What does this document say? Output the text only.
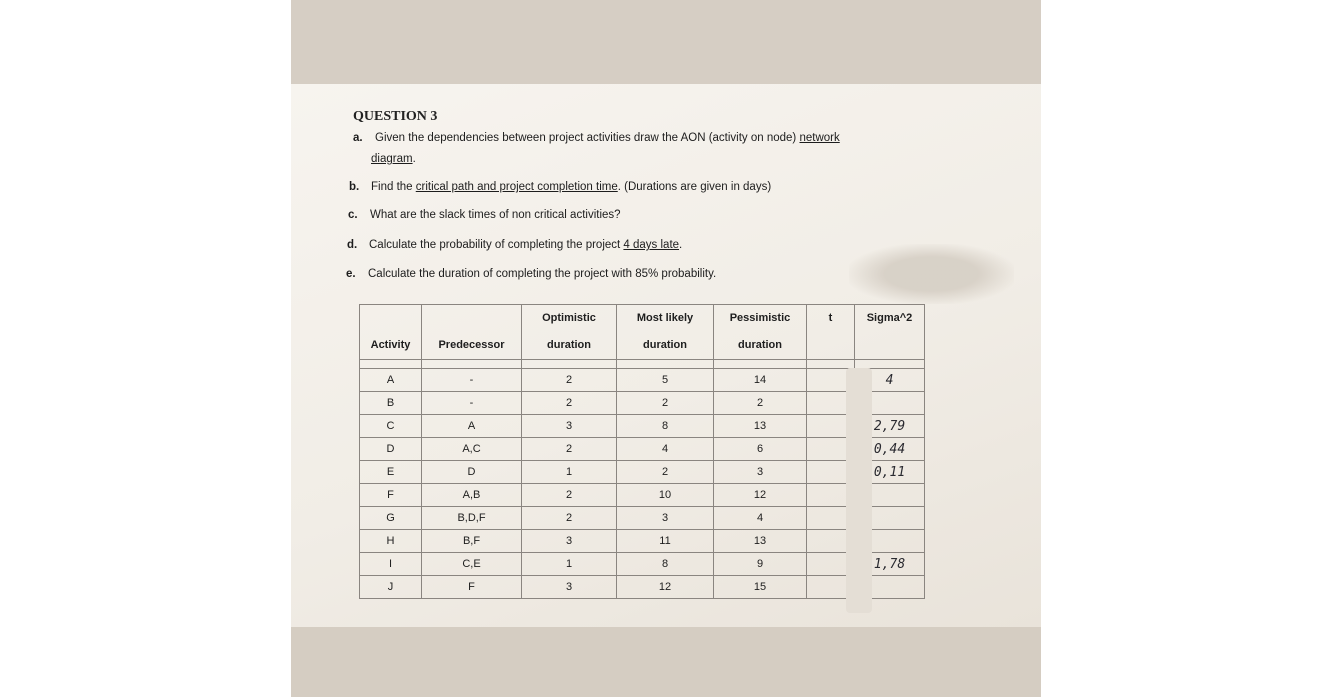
QUESTION 3
a. Given the dependencies between project activities draw the AON (activity on node) network
diagram.
b. Find the critical path and project completion time. (Durations are given in days)
c. What are the slack times of non critical activities?
d. Calculate the probability of completing the project 4 days late.
e. Calculate the duration of completing the project with 85% probability.
		Optimistic	Most likely	Pessimistic	t	Sigma^2
Activity	Predecessor	duration	duration	duration		

A	-	2	5	14		4
B	-	2	2	2		
C	A	3	8	13		2,79
D	A,C	2	4	6		0,44
E	D	1	2	3		0,11
F	A,B	2	10	12		
G	B,D,F	2	3	4		
H	B,F	3	11	13		
I	C,E	1	8	9		1,78
J	F	3	12	15		
